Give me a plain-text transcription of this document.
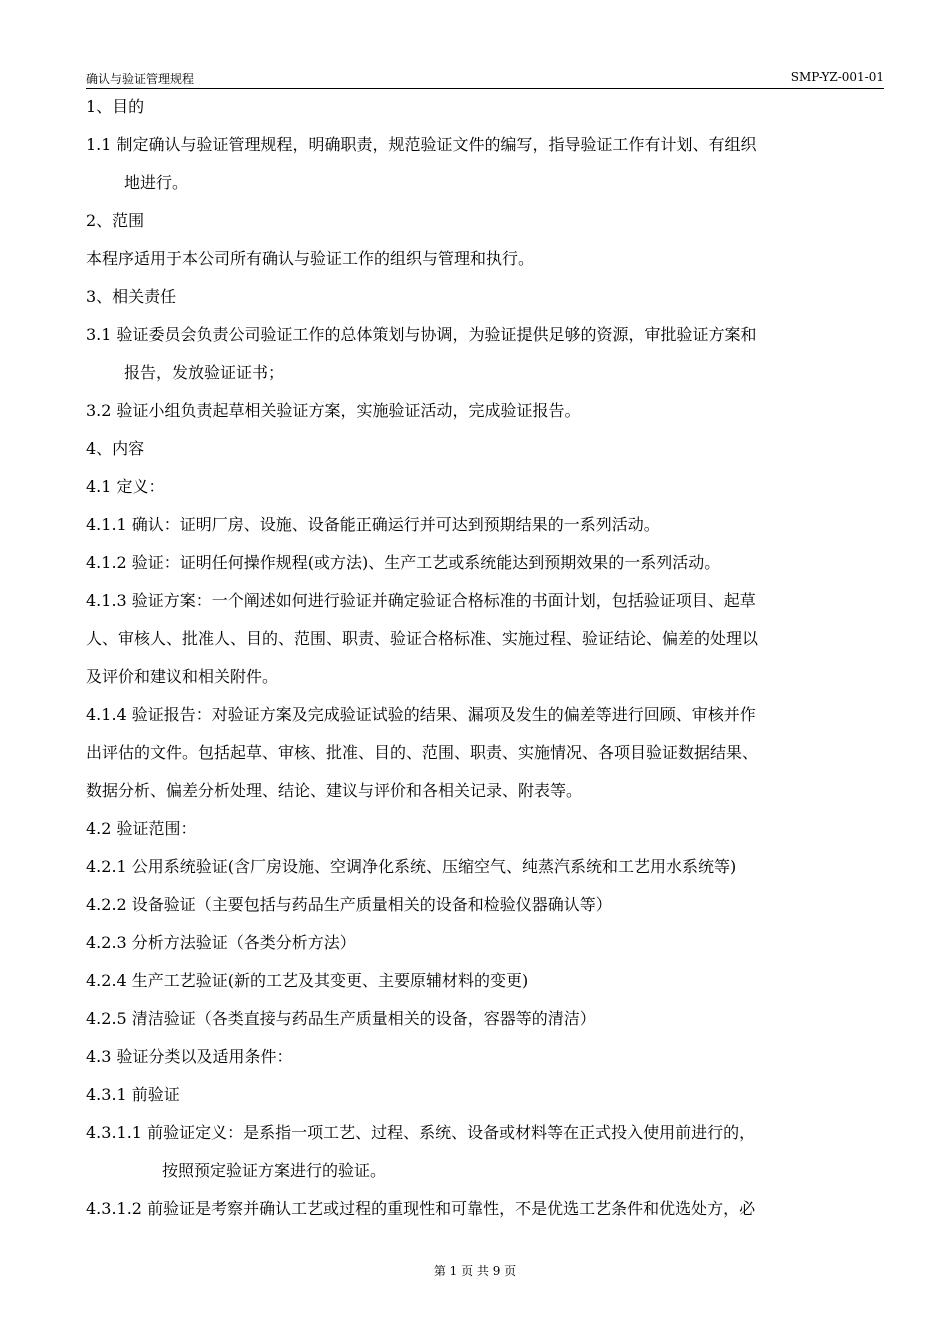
确认与验证管理规程	SMP-YZ-001-01
1、目的
1.1 制定确认与验证管理规程，明确职责，规范验证文件的编写，指导验证工作有计划、有组织
地进行。
2、范围
本程序适用于本公司所有确认与验证工作的组织与管理和执行。
3、相关责任
3.1 验证委员会负责公司验证工作的总体策划与协调，为验证提供足够的资源，审批验证方案和
报告，发放验证证书；
3.2 验证小组负责起草相关验证方案，实施验证活动，完成验证报告。
4、内容
4.1 定义：
4.1.1 确认：证明厂房、设施、设备能正确运行并可达到预期结果的一系列活动。
4.1.2 验证：证明任何操作规程(或方法)、生产工艺或系统能达到预期效果的一系列活动。
4.1.3 验证方案：一个阐述如何进行验证并确定验证合格标准的书面计划，包括验证项目、起草
人、审核人、批准人、目的、范围、职责、验证合格标准、实施过程、验证结论、偏差的处理以
及评价和建议和相关附件。
4.1.4 验证报告：对验证方案及完成验证试验的结果、漏项及发生的偏差等进行回顾、审核并作
出评估的文件。包括起草、审核、批准、目的、范围、职责、实施情况、各项目验证数据结果、
数据分析、偏差分析处理、结论、建议与评价和各相关记录、附表等。
4.2 验证范围：
4.2.1 公用系统验证(含厂房设施、空调净化系统、压缩空气、纯蒸汽系统和工艺用水系统等)
4.2.2 设备验证（主要包括与药品生产质量相关的设备和检验仪器确认等）
4.2.3 分析方法验证（各类分析方法）
4.2.4 生产工艺验证(新的工艺及其变更、主要原辅材料的变更)
4.2.5 清洁验证（各类直接与药品生产质量相关的设备，容器等的清洁）
4.3 验证分类以及适用条件：
4.3.1 前验证
4.3.1.1 前验证定义：是系指一项工艺、过程、系统、设备或材料等在正式投入使用前进行的，
按照预定验证方案进行的验证。
4.3.1.2 前验证是考察并确认工艺或过程的重现性和可靠性，不是优选工艺条件和优选处方，必
第 1 页 共 9 页
